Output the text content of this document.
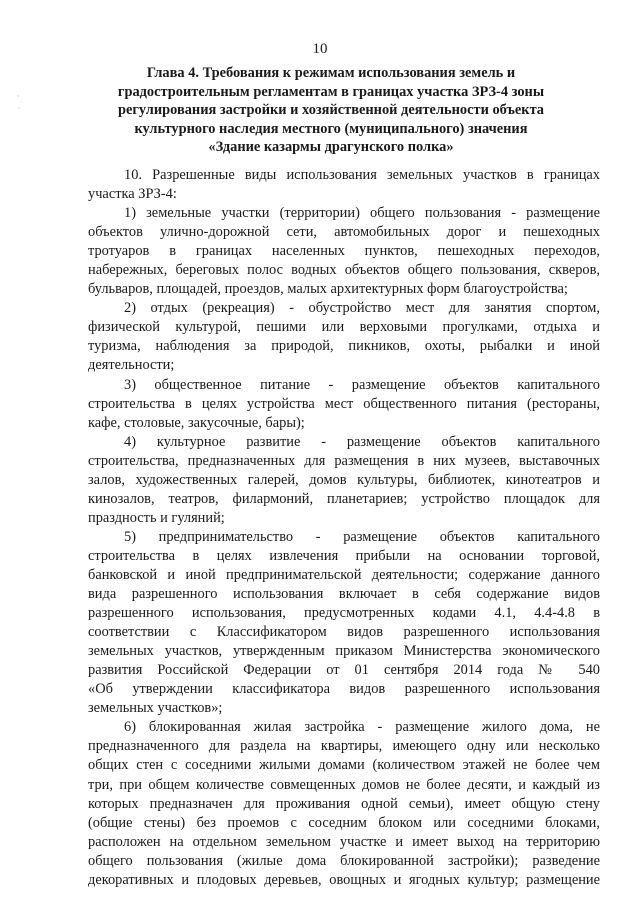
10
Глава 4. Требования к режимам использования земель и
градостроительным регламентам в границах участка ЗРЗ-4 зоны
регулирования застройки и хозяйственной деятельности объекта
культурного наследия местного (муниципального) значения
«Здание казармы драгунского полка»

10. Разрешенные виды использования земельных участков в границах
участка ЗРЗ-4:

1) земельные участки (территории) общего пользования - размещение
объектов улично-дорожной сети, автомобильных дорог и пешеходных
тротуаров в границах населенных пунктов, пешеходных переходов,
набережных, береговых полос водных объектов общего пользования, скверов,
бульваров, площадей, проездов, малых архитектурных форм благоустройства;

2) отдых (рекреация) - обустройство мест для занятия спортом,
физической культурой, пешими или верховыми прогулками, отдыха и
туризма, наблюдения за природой, пикников, охоты, рыбалки и иной
деятельности;

3) общественное питание - размещение объектов капитального
строительства в целях устройства мест общественного питания (рестораны,
кафе, столовые, закусочные, бары);

4) культурное развитие - размещение объектов капитального
строительства, предназначенных для размещения в них музеев, выставочных
залов, художественных галерей, домов культуры, библиотек, кинотеатров и
кинозалов, театров, филармоний, планетариев; устройство площадок для
праздность и гуляний;

5) предпринимательство - размещение объектов капитального
строительства в целях извлечения прибыли на основании торговой,
банковской и иной предпринимательской деятельности; содержание данного
вида разрешенного использования включает в себя содержание видов
разрешенного использования, предусмотренных кодами 4.1, 4.4-4.8 в
соответствии с Классификатором видов разрешенного использования
земельных участков, утвержденным приказом Министерства экономического
развития Российской Федерации от 01 сентября 2014 года № 540
«Об утверждении классификатора видов разрешенного использования
земельных участков»;

6) блокированная жилая застройка - размещение жилого дома, не
предназначенного для раздела на квартиры, имеющего одну или несколько
общих стен с соседними жилыми домами (количеством этажей не более чем
три, при общем количестве совмещенных домов не более десяти, и каждый из
которых предназначен для проживания одной семьи), имеет общую стену
(общие стены) без проемов с соседним блоком или соседними блоками,
расположен на отдельном земельном участке и имеет выход на территорию
общего пользования (жилые дома блокированной застройки); разведение
декоративных и плодовых деревьев, овощных и ягодных культур; размещение
